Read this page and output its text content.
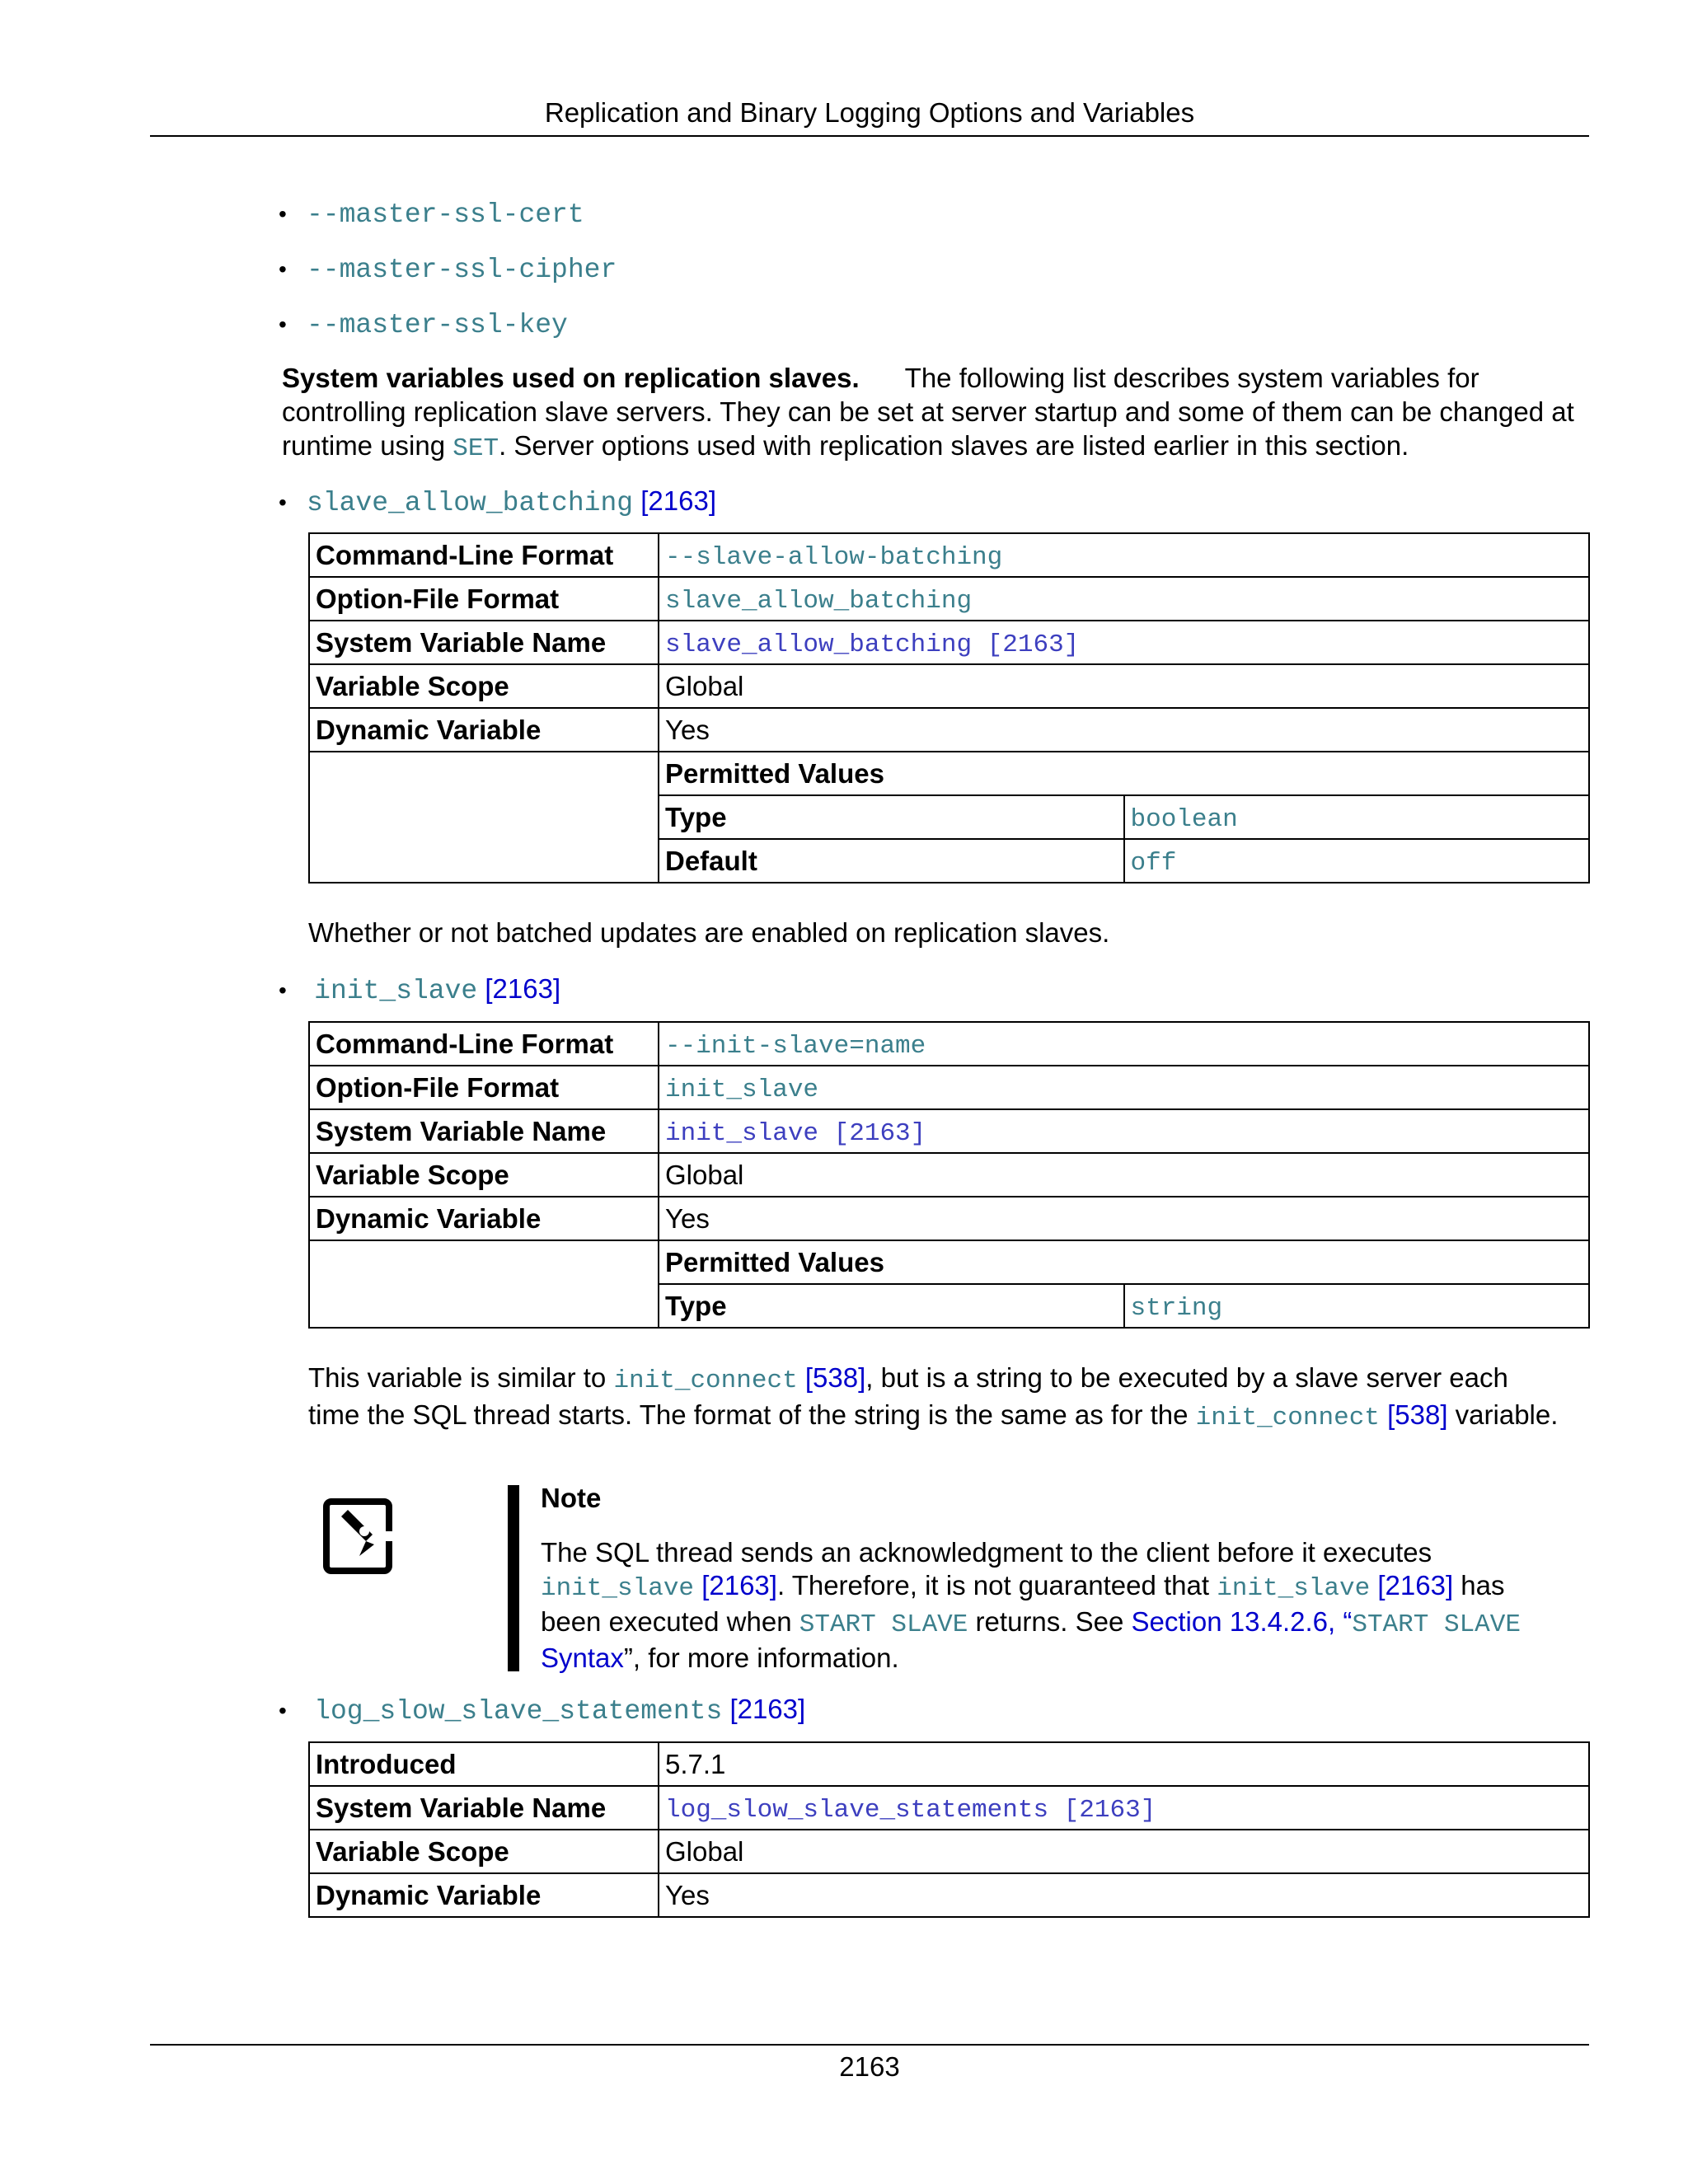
Replication and Binary Logging Options and Variables
• --master-ssl-cert
• --master-ssl-cipher
• --master-ssl-key
System variables used on replication slaves. The following list describes system variables for controlling replication slave servers. They can be set at server startup and some of them can be changed at runtime using SET. Server options used with replication slaves are listed earlier in this section.
• slave_allow_batching [2163]
Command-Line Format	--slave-allow-batching
Option-File Format	slave_allow_batching
System Variable Name	slave_allow_batching [2163]
Variable Scope	Global
Dynamic Variable	Yes

Permitted Values
Type	boolean
Default	off
Whether or not batched updates are enabled on replication slaves.
• init_slave [2163]
Command-Line Format	--init-slave=name
Option-File Format	init_slave
System Variable Name	init_slave [2163]
Variable Scope	Global
Dynamic Variable	Yes

Permitted Values
Type	string
This variable is similar to init_connect [538], but is a string to be executed by a slave server each time the SQL thread starts. The format of the string is the same as for the init_connect [538] variable.
Note
The SQL thread sends an acknowledgment to the client before it executes init_slave [2163]. Therefore, it is not guaranteed that init_slave [2163] has been executed when START SLAVE returns. See Section 13.4.2.6, “START SLAVE Syntax”, for more information.
• log_slow_slave_statements [2163]
Introduced	5.7.1
System Variable Name	log_slow_slave_statements [2163]
Variable Scope	Global
Dynamic Variable	Yes
2163
